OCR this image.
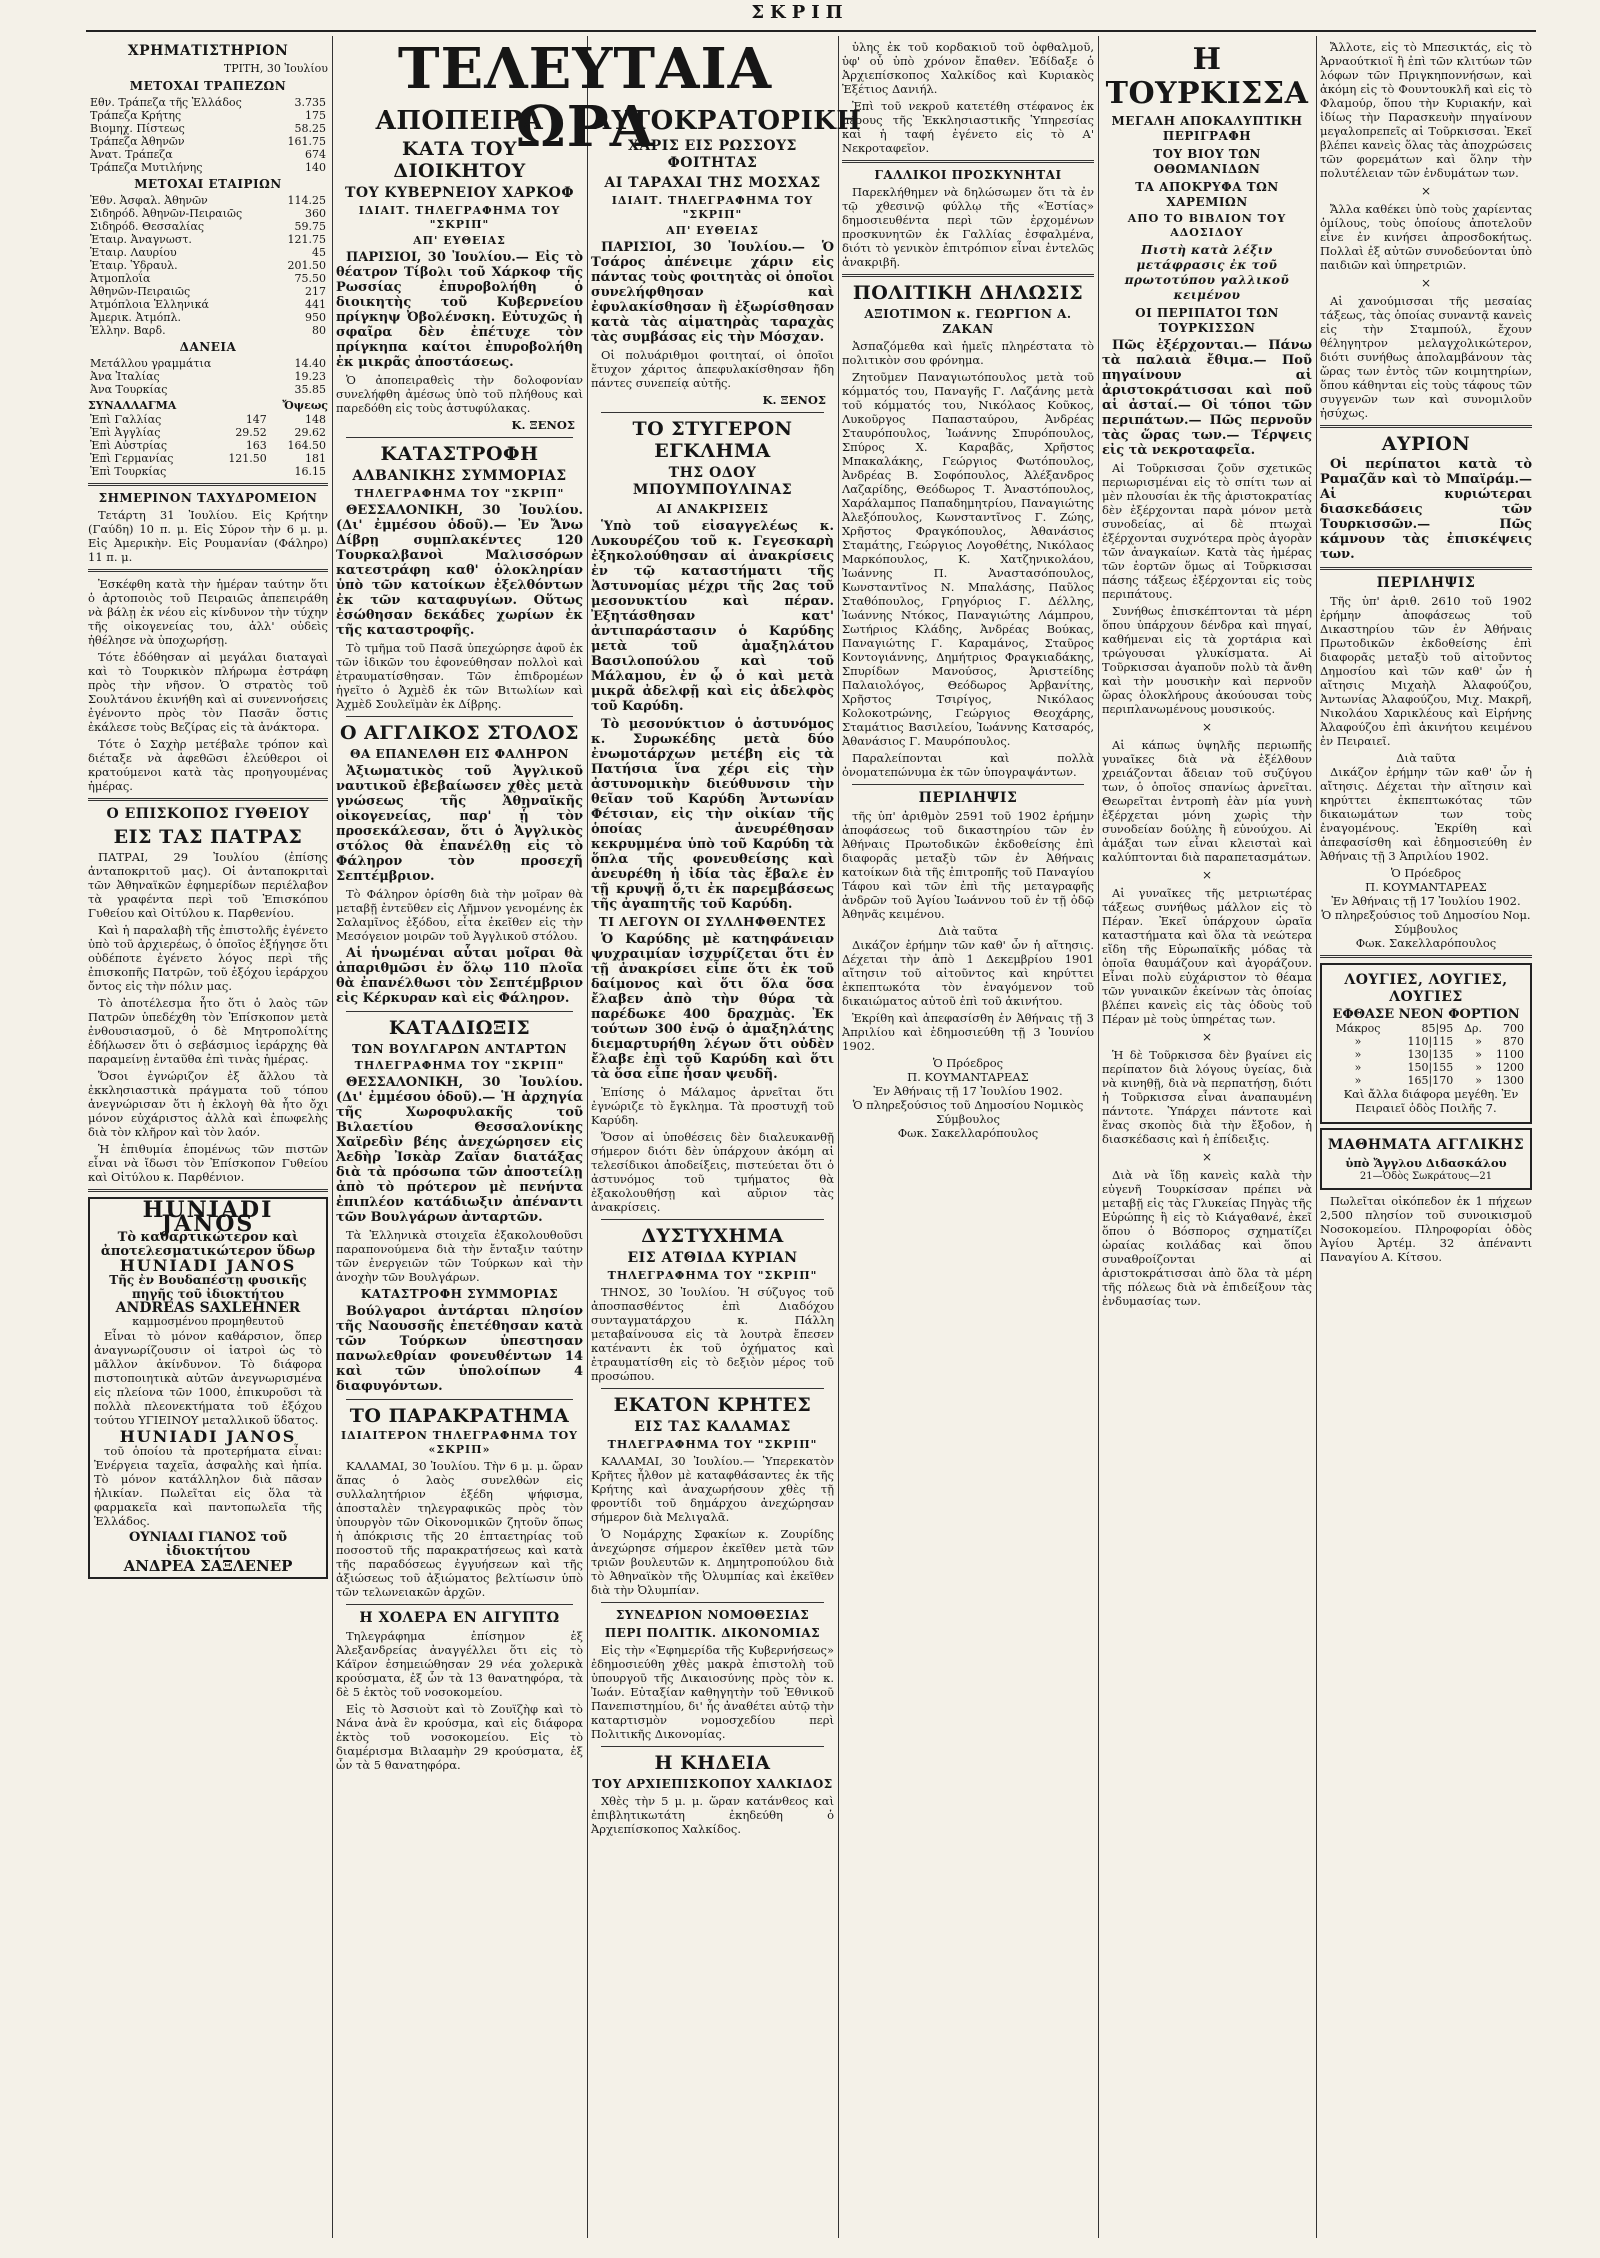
ΣΚΡΙΠ
ΧΡΗΜΑΤΙΣΤΗΡΙΟΝ
ΤΡΙΤΗ, 30 Ἰουλίου
ΜΕΤΟΧΑΙ ΤΡΑΠΕΖΩΝ
Εθν. Τράπεζα τῆς Ἑλλάδος	3.735
Τράπεζα Κρήτης	175
Βιομηχ. Πίστεως	58.25
Τράπεζα Ἀθηνῶν	161.75
Ἀνατ. Τράπεζα	674
Τράπεζα Μυτιλήνης	140
ΜΕΤΟΧΑΙ ΕΤΑΙΡΙΩΝ
Ἐθν. Ἀσφαλ. Ἀθηνῶν	114.25
Σιδηρόδ. Ἀθηνῶν-Πειραιῶς	360
Σιδηρόδ. Θεσσαλίας	59.75
Ἑταιρ. Ἀναγνωστ.	121.75
Ἑταιρ. Λαυρίου	45
Ἑταιρ. Ὑδραυλ.	201.50
Ἀτμοπλοΐα	75.50
Ἀθηνῶν-Πειραιῶς	217
Ἀτμόπλοια Ἑλληνικά	441
Ἀμερικ. Ἀτμόπλ.	950
Ἑλλην. Βαρδ.	80
ΔΑΝΕΙΑ
Μετάλλου γραμμάτια	14.40
Ἀνα Ἰταλίας	19.23
Ἀνα Τουρκίας	35.85
ΣΥΝΑΛΛΑΓΜΑ	Ὄψεως
Ἐπὶ Γαλλίας	147	148
Ἐπὶ Ἀγγλίας	29.52	29.62
Ἐπὶ Αὐστρίας	163	164.50
Ἐπὶ Γερμανίας	121.50	181
Ἐπὶ Τουρκίας		16.15
ΣΗΜΕΡΙΝΟΝ ΤΑΧΥΔΡΟΜΕΙΟΝ

Τετάρτη 31 Ἰουλίου. Εἰς Κρήτην (Γαύδη) 10 π. μ. Εἰς Σύρον τὴν 6 μ. μ. Εἰς Ἀμερικὴν. Εἰς Ρουμανίαν (Φάληρο) 11 π. μ.

Ἐσκέφθη κατὰ τὴν ἡμέραν ταύτην ὅτι ὁ ἀρτοποιὸς τοῦ Πειραιῶς ἀπεπειράθη νὰ βάλῃ ἐκ νέου εἰς κίνδυνον τὴν τύχην τῆς οἰκογενείας του, ἀλλ' οὐδεὶς ἠθέλησε νὰ ὑποχωρήσῃ.

Τότε ἐδόθησαν αἱ μεγάλαι διαταγαὶ καὶ τὸ Τουρκικὸν πλήρωμα ἐστράφη πρὸς τὴν νῆσον. Ὁ στρατὸς τοῦ Σουλτάνου ἐκινήθη καὶ αἱ συνεννοήσεις ἐγένοντο πρὸς τὸν Πασᾶν ὅστις ἐκάλεσε τοὺς Βεζίρας εἰς τὰ ἀνάκτορα.

Τότε ὁ Σαχὴρ μετέβαλε τρόπον καὶ διέταξε νὰ ἀφεθῶσι ἐλεύθεροι οἱ κρατούμενοι κατὰ τὰς προηγουμένας ἡμέρας.

Ο ΕΠΙΣΚΟΠΟΣ ΓΥΘΕΙΟΥ
ΕΙΣ ΤΑΣ ΠΑΤΡΑΣ

ΠΑΤΡΑΙ, 29 Ἰουλίου (ἐπίσης ἀνταποκριτοῦ μας). Οἱ ἀνταποκριταὶ τῶν Ἀθηναϊκῶν ἐφημερίδων περιέλαβον τὰ γραφέντα περὶ τοῦ Ἐπισκόπου Γυθείου καὶ Οἰτύλου κ. Παρθενίου.

Καὶ ἡ παραλαβὴ τῆς ἐπιστολῆς ἐγένετο ὑπὸ τοῦ ἀρχιερέως, ὁ ὁποῖος ἐξήγησε ὅτι οὐδέποτε ἐγένετο λόγος περὶ τῆς ἐπισκοπῆς Πατρῶν, τοῦ ἐξόχου ἱεράρχου ὄντος εἰς τὴν πόλιν μας.

Τὸ ἀποτέλεσμα ἦτο ὅτι ὁ λαὸς τῶν Πατρῶν ὑπεδέχθη τὸν Ἐπίσκοπον μετὰ ἐνθουσιασμοῦ, ὁ δὲ Μητροπολίτης ἐδήλωσεν ὅτι ὁ σεβάσμιος ἱεράρχης θὰ παραμείνῃ ἐνταῦθα ἐπὶ τινὰς ἡμέρας.

Ὅσοι ἐγνώριζον ἐξ ἄλλου τὰ ἐκκλησιαστικὰ πράγματα τοῦ τόπου ἀνεγνώρισαν ὅτι ἡ ἐκλογὴ θὰ ἦτο ὄχι μόνον εὐχάριστος ἀλλὰ καὶ ἐπωφελὴς διὰ τὸν κλῆρον καὶ τὸν λαόν.

Ἡ ἐπιθυμία ἑπομένως τῶν πιστῶν εἶναι νὰ ἴδωσι τὸν Ἐπίσκοπον Γυθείου καὶ Οἰτύλου κ. Παρθένιον.

HUNIADI JANOS
Τὸ καθαρτικώτερον καὶ ἀποτελεσματικώτερον ὕδωρ
HUNIADI JANOS
Τῆς ἐν Βουδαπέστῃ φυσικῆς πηγῆς τοῦ ἰδιοκτήτου
ANDREAS SAXLEHNER
καμμοσμένου προμηθευτοῦ

Εἶναι τὸ μόνον καθάρσιον, ὅπερ ἀναγνωρίζουσιν οἱ ἰατροὶ ὡς τὸ μᾶλλον ἀκίνδυνον. Τὸ διάφορα πιστοποιητικὰ αὐτῶν ἀνεγνωρισμένα εἰς πλείονα τῶν 1000, ἐπικυροῦσι τὰ πολλὰ πλεονεκτήματα τοῦ ἐξόχου τούτου ΥΓΙΕΙΝΟΥ μεταλλικοῦ ὕδατος.

HUNIADI JANOS

τοῦ ὁποίου τὰ προτερήματα εἶναι: Ἐνέργεια ταχεῖα, ἀσφαλὴς καὶ ἠπία. Τὸ μόνον κατάλληλον διὰ πᾶσαν ἡλικίαν. Πωλεῖται εἰς ὅλα τὰ φαρμακεῖα καὶ παντοπωλεῖα τῆς Ἑλλάδος.

ΟΥΝΙΑΔΙ ΓΙΑΝΟΣ τοῦ ἰδιοκτήτου
ΑΝΔΡΕΑ ΣΑΞΛΕΝΕΡ
ΤΕΛΕΥΤΑΙΑ ΩΡΑ
ΑΠΟΠΕΙΡΑ
ΚΑΤΑ ΤΟΥ ΔΙΟΙΚΗΤΟΥ
ΤΟΥ ΚΥΒΕΡΝΕΙΟΥ ΧΑΡΚΟΦ
ΙΔΙΑΙΤ. ΤΗΛΕΓΡΑΦΗΜΑ ΤΟΥ "ΣΚΡΙΠ"
ΑΠ' ΕΥΘΕΙΑΣ

ΠΑΡΙΣΙΟΙ, 30 Ἰουλίου.— Εἰς τὸ θέατρον Τίβολι τοῦ Χάρκοφ τῆς Ρωσσίας ἐπυροβολήθη ὁ διοικητὴς τοῦ Κυβερνείου πρίγκηψ Ὀβολένσκη. Εὐτυχῶς ἡ σφαῖρα δὲν ἐπέτυχε τὸν πρίγκηπα καίτοι ἐπυροβολήθη ἐκ μικρᾶς ἀποστάσεως.

Ὁ ἀποπειραθεὶς τὴν δολοφονίαν συνελήφθη ἀμέσως ὑπὸ τοῦ πλήθους καὶ παρεδόθη εἰς τοὺς ἀστυφύλακας.

Κ. ΞΕΝΟΣ
ΚΑΤΑΣΤΡΟΦΗ
ΑΛΒΑΝΙΚΗΣ ΣΥΜΜΟΡΙΑΣ
ΤΗΛΕΓΡΑΦΗΜΑ ΤΟΥ "ΣΚΡΙΠ"

ΘΕΣΣΑΛΟΝΙΚΗ, 30 Ἰουλίου. (Δι' ἐμμέσου ὁδοῦ).— Ἐν Ἄνω Δίβρῃ συμπλακέντες 120 Τουρκαλβανοὶ Μαλισσόρων κατεστράφη καθ' ὁλοκληρίαν ὑπὸ τῶν κατοίκων ἐξελθόντων ἐκ τῶν καταφυγίων. Οὕτως ἐσώθησαν δεκάδες χωρίων ἐκ τῆς καταστροφῆς.

Τὸ τμῆμα τοῦ Πασᾶ ὑπεχώρησε ἀφοῦ ἐκ τῶν ἰδικῶν του ἐφονεύθησαν πολλοὶ καὶ ἐτραυματίσθησαν. Τῶν ἐπιδρομέων ἡγεῖτο ὁ Ἀχμὲδ ἐκ τῶν Βιτωλίων καὶ Ἀχμὲδ Σουλεϊμὰν ἐκ Δίβρης.

Ο ΑΓΓΛΙΚΟΣ ΣΤΟΛΟΣ
ΘΑ ΕΠΑΝΕΛΘΗ ΕΙΣ ΦΑΛΗΡΟΝ

Ἀξιωματικὸς τοῦ Ἀγγλικοῦ ναυτικοῦ ἐβεβαίωσεν χθὲς μετὰ γνώσεως τῆς Ἀθηναϊκῆς οἰκογενείας, παρ' ᾗ τὸν προσεκάλεσαν, ὅτι ὁ Ἀγγλικὸς στόλος θὰ ἐπανέλθῃ εἰς τὸ Φάληρον τὸν προσεχῆ Σεπτέμβριον.

Τὸ Φάληρον ὁρίσθη διὰ τὴν μοῖραν θὰ μεταβῇ ἐντεῦθεν εἰς Λῆμνον γενομένης ἐκ Σαλαμῖνος ἐξόδου, εἶτα ἐκεῖθεν εἰς τὴν Μεσόγειον μοιρῶν τοῦ Ἀγγλικοῦ στόλου.

Αἱ ἡνωμέναι αὗται μοῖραι θὰ ἀπαριθμῶσι ἐν ὅλῳ 110 πλοῖα θὰ ἐπανέλθωσι τὸν Σεπτέμβριον εἰς Κέρκυραν καὶ εἰς Φάληρον.

ΚΑΤΑΔΙΩΞΙΣ
ΤΩΝ ΒΟΥΛΓΑΡΩΝ ΑΝΤΑΡΤΩΝ
ΤΗΛΕΓΡΑΦΗΜΑ ΤΟΥ "ΣΚΡΙΠ"

ΘΕΣΣΑΛΟΝΙΚΗ, 30 Ἰουλίου. (Δι' ἐμμέσου ὁδοῦ).— Ἡ ἀρχηγία τῆς Χωροφυλακῆς τοῦ Βιλαετίου Θεσσαλονίκης Χαϊρεδὶν βέης ἀνεχώρησεν εἰς Ἀεδὴρ Ἰσκὰρ Ζαΐαν διατάξας διὰ τὰ πρόσωπα τῶν ἀποστείλῃ ἀπὸ τὸ πρότερον μὲ πενήντα ἐπιπλέον κατάδιωξιν ἀπέναντι τῶν Βουλγάρων ἀνταρτῶν.

Τὰ Ἑλληνικὰ στοιχεῖα ἐξακολουθοῦσι παραπονούμενα διὰ τὴν ἔνταξιν ταύτην τῶν ἐνεργειῶν τῶν Τούρκων καὶ τὴν ἀνοχὴν τῶν Βουλγάρων.

ΚΑΤΑΣΤΡΟΦΗ ΣΥΜΜΟΡΙΑΣ

Βούλγαροι ἀντάρται πλησίον τῆς Ναουσσῆς ἐπετέθησαν κατὰ τῶν Τούρκων ὑπεστησαν πανωλεθρίαν φονευθέντων 14 καὶ τῶν ὑπολοίπων 4 διαφυγόντων.

ΤΟ ΠΑΡΑΚΡΑΤΗΜΑ
ΙΔΙΑΙΤΕΡΟΝ ΤΗΛΕΓΡΑΦΗΜΑ ΤΟΥ «ΣΚΡΙΠ»

ΚΑΛΑΜΑΙ, 30 Ἰουλίου. Τὴν 6 μ. μ. ὥραν ἅπας ὁ λαὸς συνελθὼν εἰς συλλαλητήριον ἐξέδη ψήφισμα, ἀποσταλὲν τηλεγραφικῶς πρὸς τὸν ὑπουργὸν τῶν Οἰκονομικῶν ζητοῦν ὅπως ἡ ἀπόκρισις τῆς 20 ἑπταετηρίας τοῦ ποσοστοῦ τῆς παρακρατήσεως καὶ κατὰ τῆς παραδόσεως ἐγγυήσεων καὶ τῆς ἀξιώσεως τοῦ ἀξιώματος βελτίωσιν ὑπὸ τῶν τελωνειακῶν ἀρχῶν.

Η ΧΟΛΕΡΑ ΕΝ ΑΙΓΥΠΤΩ

Τηλεγράφημα ἐπίσημον ἐξ Ἀλεξανδρείας ἀναγγέλλει ὅτι εἰς τὸ Κάϊρον ἐσημειώθησαν 29 νέα χολερικὰ κρούσματα, ἐξ ὧν τὰ 13 θανατηφόρα, τὰ δὲ 5 ἐκτὸς τοῦ νοσοκομείου.

Εἰς τὸ Ἀσσιοὺτ καὶ τὸ Ζουϊζὴφ καὶ τὸ Νάνα ἀνὰ ἓν κρούσμα, καὶ εἰς διάφορα ἐκτὸς τοῦ νοσοκομείου. Εἰς τὸ διαμέρισμα Βιλααμὴν 29 κρούσματα, ἐξ ὧν τὰ 5 θανατηφόρα.

ΑΥΤΟΚΡΑΤΟΡΙΚΗ
ΧΑΡΙΣ ΕΙΣ ΡΩΣΣΟΥΣ ΦΟΙΤΗΤΑΣ
ΑΙ ΤΑΡΑΧΑΙ ΤΗΣ ΜΟΣΧΑΣ
ΙΔΙΑΙΤ. ΤΗΛΕΓΡΑΦΗΜΑ ΤΟΥ "ΣΚΡΙΠ"
ΑΠ' ΕΥΘΕΙΑΣ

ΠΑΡΙΣΙΟΙ, 30 Ἰουλίου.— Ὁ Τσάρος ἀπένειμε χάριν εἰς πάντας τοὺς φοιτητὰς οἱ ὁποῖοι συνελήφθησαν καὶ ἐφυλακίσθησαν ἢ ἐξωρίσθησαν κατὰ τὰς αἱματηρὰς ταραχὰς τὰς συμβάσας εἰς τὴν Μόσχαν.

Οἱ πολυάριθμοι φοιτηταί, οἱ ὁποῖοι ἔτυχον χάριτος ἀπεφυλακίσθησαν ἤδη πάντες συνεπείᾳ αὐτῆς.

Κ. ΞΕΝΟΣ
ΤΟ ΣΤΥΓΕΡΟΝ ΕΓΚΛΗΜΑ
ΤΗΣ ΟΔΟΥ ΜΠΟΥΜΠΟΥΛΙΝΑΣ
ΑΙ ΑΝΑΚΡΙΣΕΙΣ

Ὑπὸ τοῦ εἰσαγγελέως κ. Λυκουρέζου τοῦ κ. Γεγεσκαρὴ ἐξηκολούθησαν αἱ ἀνακρίσεις ἐν τῷ καταστήματι τῆς Ἀστυνομίας μέχρι τῆς 2ας τοῦ μεσονυκτίου καὶ πέραν. Ἐξητάσθησαν κατ' ἀντιπαράστασιν ὁ Καρύδης μετὰ τοῦ ἀμαξηλάτου Βασιλοπούλου καὶ τοῦ Μάλαμου, ἐν ᾧ ὁ καὶ μετὰ μικρᾶ ἀδελφῇ καὶ εἰς ἀδελφὸς τοῦ Καρύδη.

Τὸ μεσονύκτιον ὁ ἀστυνόμος κ. Συρωκέδης μετὰ δύο ἐνωμοτάρχων μετέβη εἰς τὰ Πατήσια ἵνα χέρι εἰς τὴν ἀστυνομικὴν διεύθυνσιν τὴν θεῖαν τοῦ Καρύδη Ἀντωνίαν Φέτσιαν, εἰς τὴν οἰκίαν τῆς ὁποίας ἀνευρέθησαν κεκρυμμένα ὑπὸ τοῦ Καρύδη τὰ ὅπλα τῆς φονευθείσης καὶ ἀνευρέθη ἡ ἰδία τὰς ἔβαλε ἐν τῇ κρυψῇ ὅ,τι ἐκ παρεμβάσεως τῆς ἀγαπητῆς τοῦ Καρύδη.

ΤΙ ΛΕΓΟΥΝ ΟΙ ΣΥΛΛΗΦΘΕΝΤΕΣ

Ὁ Καρύδης μὲ κατηφάνειαν ψυχραιμίαν ἰσχυρίζεται ὅτι ἐν τῇ ἀνακρίσει εἶπε ὅτι ἐκ τοῦ δαίμονος καὶ ὅτι ὅλα ὅσα ἔλαβεν ἀπὸ τὴν θύρα τὰ παρέδωκε 400 δραχμὰς. Ἐκ τούτων 300 ἐνῷ ὁ ἀμαξηλάτης διεμαρτυρήθη λέγων ὅτι οὐδὲν ἔλαβε ἐπὶ τοῦ Καρύδη καὶ ὅτι τὰ ὅσα εἶπε ἦσαν ψευδῆ.

Ἐπίσης ὁ Μάλαμος ἀρνεῖται ὅτι ἐγνώριζε τὸ ἔγκλημα. Τὰ προστυχῆ τοῦ Καρύδη.

Ὅσον αἱ ὑποθέσεις δὲν διαλευκανθῇ σήμερον διότι δὲν ὑπάρχουν ἀκόμη αἱ τελεσίδικοι ἀποδείξεις, πιστεύεται ὅτι ὁ ἀστυνόμος τοῦ τμήματος θὰ ἐξακολουθήσῃ καὶ αὔριον τὰς ἀνακρίσεις.

ΔΥΣΤΥΧΗΜΑ
ΕΙΣ ΑΤΘΙΔΑ ΚΥΡΙΑΝ
ΤΗΛΕΓΡΑΦΗΜΑ ΤΟΥ "ΣΚΡΙΠ"

ΤΗΝΟΣ, 30 Ἰουλίου. Ἡ σύζυγος τοῦ ἀποσπασθέντος ἐπὶ Διαδόχου συνταγματάρχου κ. Πάλλη μεταβαίνουσα εἰς τὰ λουτρὰ ἔπεσεν κατέναντι ἐκ τοῦ ὀχήματος καὶ ἐτραυματίσθη εἰς τὸ δεξιὸν μέρος τοῦ προσώπου.

ΕΚΑΤΟΝ ΚΡΗΤΕΣ
ΕΙΣ ΤΑΣ ΚΑΛΑΜΑΣ
ΤΗΛΕΓΡΑΦΗΜΑ ΤΟΥ "ΣΚΡΙΠ"

ΚΑΛΑΜΑΙ, 30 Ἰουλίου.— Ὑπερεκατὸν Κρῆτες ἦλθον μὲ καταφθάσαντες ἐκ τῆς Κρήτης καὶ ἀναχωρήσουν χθὲς τῇ φροντίδι τοῦ δημάρχου ἀνεχώρησαν σήμερον διὰ Μελιγαλᾶ.

Ὁ Νομάρχης Σφακίων κ. Ζουρίδης ἀνεχώρησε σήμερον ἐκεῖθεν μετὰ τῶν τριῶν βουλευτῶν κ. Δημητροπούλου διὰ τὸ Ἀθηναϊκὸν τῆς Ὀλυμπίας καὶ ἐκεῖθεν διὰ τὴν Ὀλυμπίαν.

ΣΥΝΕΔΡΙΟΝ ΝΟΜΟΘΕΣΙΑΣ
ΠΕΡΙ ΠΟΛΙΤΙΚ. ΔΙΚΟΝΟΜΙΑΣ

Εἰς τὴν «Ἐφημερίδα τῆς Κυβερνήσεως» ἐδημοσιεύθη χθὲς μακρὰ ἐπιστολὴ τοῦ ὑπουργοῦ τῆς Δικαιοσύνης πρὸς τὸν κ. Ἰωάν. Εὐταξίαν καθηγητὴν τοῦ Ἐθνικοῦ Πανεπιστημίου, δι' ἧς ἀναθέτει αὐτῷ τὴν καταρτισμὸν νομοσχεδίου περὶ Πολιτικῆς Δικονομίας.

Η ΚΗΔΕΙΑ
ΤΟΥ ΑΡΧΙΕΠΙΣΚΟΠΟΥ ΧΑΛΚΙΔΟΣ

Χθὲς τὴν 5 μ. μ. ὥραν κατάνθεος καὶ ἐπιβλητικωτάτη ἐκηδεύθη ὁ Ἀρχιεπίσκοπος Χαλκίδος.

ὑλης ἐκ τοῦ κορδακιοῦ τοῦ ὀφθαλμοῦ, ὑφ' οὗ ὑπὸ χρόνον ἔπαθεν. Ἐδίδαξε ὁ Ἀρχιεπίσκοπος Χαλκίδος καὶ Κυριακὸς Ἐξέτιος Δανιήλ.

Ἐπὶ τοῦ νεκροῦ κατετέθη στέφανος ἐκ μέρους τῆς Ἐκκλησιαστικῆς Ὑπηρεσίας καὶ ἡ ταφή ἐγένετο εἰς τὸ Α' Νεκροταφεῖον.

ΓΑΛΛΙΚΟΙ ΠΡΟΣΚΥΝΗΤΑΙ

Παρεκλήθημεν νὰ δηλώσωμεν ὅτι τὰ ἐν τῷ χθεσινῷ φύλλῳ τῆς «Ἑστίας» δημοσιευθέντα περὶ τῶν ἐρχομένων προσκυνητῶν ἐκ Γαλλίας ἐσφαλμένα, διότι τὸ γενικὸν ἐπιτρόπιον εἶναι ἐντελῶς ἀνακριβῆ.

ΠΟΛΙΤΙΚΗ ΔΗΛΩΣΙΣ
ΑΞΙΟΤΙΜΟΝ κ. ΓΕΩΡΓΙΟΝ Α. ΖΑΚΑΝ

Ἀσπαζόμεθα καὶ ἡμεῖς πληρέστατα τὸ πολιτικὸν σου φρόνημα.

Ζητοῦμεν Παναγιωτόπουλος μετὰ τοῦ κόμματός του, Παναγῆς Γ. Λαζάνης μετὰ τοῦ κόμματός του, Νικόλαος Κοῦκος, Λυκοῦργος Παπασταύρου, Ἀνδρέας Σταυρόπουλος, Ἰωάννης Σπυρόπουλος, Σπύρος Χ. Καραβᾶς, Χρῆστος Μπακαλάκης, Γεώργιος Φωτόπουλος, Ἀνδρέας Β. Σοφόπουλος, Ἀλέξανδρος Λαζαρίδης, Θεόδωρος Τ. Ἀναστόπουλος, Χαράλαμπος Παπαδημητρίου, Παναγιώτης Ἀλεξόπουλος, Κωνσταντῖνος Γ. Ζώης, Χρῆστος Φραγκόπουλος, Ἀθανάσιος Σταμάτης, Γεώργιος Λογοθέτης, Νικόλαος Μαρκόπουλος, Κ. Χατζηνικολάου, Ἰωάννης Π. Ἀναστασόπουλος, Κωνσταντῖνος Ν. Μπαλάσης, Παῦλος Σταθόπουλος, Γρηγόριος Γ. Δέλλης, Ἰωάννης Ντόκος, Παναγιώτης Λάμπρου, Σωτήριος Κλάδης, Ἀνδρέας Βούκας, Παναγιώτης Γ. Καραμάνος, Σταῦρος Κοντογιάννης, Δημήτριος Φραγκιαδάκης, Σπυρίδων Μανούσος, Ἀριστείδης Παλαιολόγος, Θεόδωρος Ἀρβανίτης, Χρῆστος Τσιρίγος, Νικόλαος Κολοκοτρώνης, Γεώργιος Θεοχάρης, Σταμάτιος Βασιλείου, Ἰωάννης Κατσαρός, Ἀθανάσιος Γ. Μαυρόπουλος.

Παραλείπονται καὶ πολλὰ ὀνοματεπώνυμα ἐκ τῶν ὑπογραψάντων.

ΠΕΡΙΛΗΨΙΣ

τῆς ὑπ' ἀριθμὸν 2591 τοῦ 1902 ἐρήμην ἀποφάσεως τοῦ δικαστηρίου τῶν ἐν Ἀθήναις Πρωτοδικῶν ἐκδοθείσης ἐπὶ διαφορᾶς μεταξὺ τῶν ἐν Ἀθήναις κατοίκων διὰ τῆς ἐπιτροπῆς τοῦ Παναγίου Τάφου καὶ τῶν ἐπὶ τῆς μεταγραφῆς ἀνδρῶν τοῦ Ἀγίου Ἰωάννου τοῦ ἐν τῇ ὁδῷ Ἀθηνᾶς κειμένου.

Διὰ ταῦτα

Δικάζον ἐρήμην τῶν καθ' ὧν ἡ αἴτησις. Δέχεται τὴν ἀπὸ 1 Δεκεμβρίου 1901 αἴτησιν τοῦ αἰτοῦντος καὶ κηρύττει ἐκπεπτωκότα τὸν ἐναγόμενον τοῦ δικαιώματος αὐτοῦ ἐπὶ τοῦ ἀκινήτου.

Ἐκρίθη καὶ ἀπεφασίσθη ἐν Ἀθήναις τῇ 3 Ἀπριλίου καὶ ἐδημοσιεύθη τῇ 3 Ἰουνίου 1902.

Ὁ Πρόεδρος
Π. ΚΟΥΜΑΝΤΑΡΕΑΣ
Ἐν Ἀθήναις τῇ 17 Ἰουλίου 1902.
Ὁ πληρεξούσιος τοῦ Δημοσίου Νομικὸς Σύμβουλος
Φωκ. Σακελλαρόπουλος
Η ΤΟΥΡΚΙΣΣΑ
ΜΕΓΑΛΗ ΑΠΟΚΑΛΥΠΤΙΚΗ ΠΕΡΙΓΡΑΦΗ
ΤΟΥ ΒΙΟΥ ΤΩΝ ΟΘΩΜΑΝΙΔΩΝ
ΤΑ ΑΠΟΚΡΥΦΑ ΤΩΝ ΧΑΡΕΜΙΩΝ
ΑΠΟ ΤΟ ΒΙΒΛΙΟΝ ΤΟΥ ΑΔΟΣΙΔΟΥ
Πιστὴ κατὰ λέξιν μετάφρασις ἐκ τοῦ πρωτοτύπου γαλλικοῦ κειμένου
ΟΙ ΠΕΡΙΠΑΤΟΙ ΤΩΝ ΤΟΥΡΚΙΣΣΩΝ

Πῶς ἐξέρχονται.— Πάνω τὰ παλαιὰ ἔθιμα.— Ποῦ πηγαίνουν αἱ ἀριστοκράτισσαι καὶ ποῦ αἱ ἀσταί.— Οἱ τόποι τῶν περιπάτων.— Πῶς περνοῦν τὰς ὥρας των.— Τέρψεις εἰς τὰ νεκροταφεῖα.

Αἱ Τοῦρκισσαι ζοῦν σχετικῶς περιωρισμέναι εἰς τὸ σπίτι των αἱ μὲν πλουσίαι ἐκ τῆς ἀριστοκρατίας δὲν ἐξέρχονται παρὰ μόνον μετὰ συνοδείας, αἱ δὲ πτωχαὶ ἐξέρχονται συχνότερα πρὸς ἀγορὰν τῶν ἀναγκαίων. Κατὰ τὰς ἡμέρας τῶν ἑορτῶν ὅμως αἱ Τοῦρκισσαι πάσης τάξεως ἐξέρχονται εἰς τοὺς περιπάτους.

Συνήθως ἐπισκέπτονται τὰ μέρη ὅπου ὑπάρχουν δένδρα καὶ πηγαί, καθήμεναι εἰς τὰ χορτάρια καὶ τρώγουσαι γλυκίσματα. Αἱ Τοῦρκισσαι ἀγαποῦν πολὺ τὰ ἄνθη καὶ τὴν μουσικὴν καὶ περνοῦν ὥρας ὁλοκλήρους ἀκούουσαι τοὺς περιπλανωμένους μουσικούς.

×

Αἱ κάπως ὑψηλῆς περιωπῆς γυναῖκες διὰ νὰ ἐξέλθουν χρειάζονται ἄδειαν τοῦ συζύγου των, ὁ ὁποῖος σπανίως ἀρνεῖται. Θεωρεῖται ἐντροπὴ ἐὰν μία γυνὴ ἐξέρχεται μόνη χωρὶς τὴν συνοδείαν δούλης ἢ εὐνούχου. Αἱ ἀμάξαι των εἶναι κλεισταὶ καὶ καλύπτονται διὰ παραπετασμάτων.

×

Αἱ γυναῖκες τῆς μετριωτέρας τάξεως συνήθως μάλλον εἰς τὸ Πέραν. Ἐκεῖ ὑπάρχουν ὡραῖα καταστήματα καὶ ὅλα τὰ νεώτερα εἴδη τῆς Εὐρωπαϊκῆς μόδας τὰ ὁποῖα θαυμάζουν καὶ ἀγοράζουν. Εἶναι πολὺ εὐχάριστον τὸ θέαμα τῶν γυναικῶν ἐκείνων τὰς ὁποίας βλέπει κανεὶς εἰς τὰς ὁδοὺς τοῦ Πέραν μὲ τοὺς ὑπηρέτας των.

×

Ἡ δὲ Τοῦρκισσα δὲν βγαίνει εἰς περίπατον διὰ λόγους ὑγείας, διὰ νὰ κινηθῇ, διὰ νὰ περπατήσῃ, διότι ἡ Τοῦρκισσα εἶναι ἀναπαυμένη πάντοτε. Ὑπάρχει πάντοτε καὶ ἕνας σκοπὸς διὰ τὴν ἔξοδον, ἡ διασκέδασις καὶ ἡ ἐπίδειξις.

×

Διὰ νὰ ἴδῃ κανεὶς καλὰ τὴν εὐγενῆ Τουρκίσσαν πρέπει νὰ μεταβῇ εἰς τὰς Γλυκείας Πηγὰς τῆς Εὐρώπης ἢ εἰς τὸ Κιάγαθανέ, ἐκεῖ ὅπου ὁ Βόσπορος σχηματίζει ὡραίας κοιλάδας καὶ ὅπου συναθροίζονται αἱ ἀριστοκράτισσαι ἀπὸ ὅλα τὰ μέρη τῆς πόλεως διὰ νὰ ἐπιδείξουν τὰς ἐνδυμασίας των.

Ἄλλοτε, εἰς τὸ Μπεσικτάς, εἰς τὸ Ἀρναούτκιοϊ ἢ ἐπὶ τῶν κλιτύων τῶν λόφων τῶν Πριγκηποννήσων, καὶ ἀκόμη εἰς τὸ Φουντουκλῆ καὶ εἰς τὸ Φλαμούρ, ὅπου τὴν Κυριακήν, καὶ ἰδίως τὴν Παρασκευὴν πηγαίνουν μεγαλοπρεπεῖς αἱ Τοῦρκισσαι. Ἐκεῖ βλέπει κανεὶς ὅλας τὰς ἀποχρώσεις τῶν φορεμάτων καὶ ὅλην τὴν πολυτέλειαν τῶν ἐνδυμάτων των.

×

Ἄλλα καθέκει ὑπὸ τοὺς χαρίεντας ὁμίλους, τοὺς ὁποίους ἀποτελοῦν εἶνε ἐν κινήσει ἀπροσδοκήτως. Πολλαὶ ἐξ αὐτῶν συνοδεύονται ὑπὸ παιδιῶν καὶ ὑπηρετριῶν.

×

Αἱ χανούμισσαι τῆς μεσαίας τάξεως, τὰς ὁποίας συναντᾷ κανεὶς εἰς τὴν Σταμπούλ, ἔχουν θέληγητρον μελαγχολικώτερον, διότι συνήθως ἀπολαμβάνουν τὰς ὥρας των ἐντὸς τῶν κοιμητηρίων, ὅπου κάθηνται εἰς τοὺς τάφους τῶν συγγενῶν των καὶ συνομιλοῦν ἡσύχως.

ΑΥΡΙΟΝ

Οἱ περίπατοι κατὰ τὸ Ραμαζᾶν καὶ τὸ Μπαϊράμ.— Αἱ κυριώτεραι διασκεδάσεις τῶν Τουρκισσῶν.— Πῶς κάμνουν τὰς ἐπισκέψεις των.

ΠΕΡΙΛΗΨΙΣ

Τῆς ὑπ' ἀριθ. 2610 τοῦ 1902 ἐρήμην ἀποφάσεως τοῦ Δικαστηρίου τῶν ἐν Ἀθήναις Πρωτοδικῶν ἐκδοθείσης ἐπὶ διαφορᾶς μεταξὺ τοῦ αἰτοῦντος Δημοσίου καὶ τῶν καθ' ὧν ἡ αἴτησις Μιχαὴλ Ἀλαφούζου, Ἀντωνίας Ἀλαφούζου, Μιχ. Μακρῆ, Νικολάου Χαρικλέους καὶ Εἰρήνης Ἀλαφούζου ἐπὶ ἀκινήτου κειμένου ἐν Πειραιεῖ.

Διὰ ταῦτα

Δικάζον ἐρήμην τῶν καθ' ὧν ἡ αἴτησις. Δέχεται τὴν αἴτησιν καὶ κηρύττει ἐκπεπτωκότας τῶν δικαιωμάτων των τοὺς ἐναγομένους. Ἐκρίθη καὶ ἀπεφασίσθη καὶ ἐδημοσιεύθη ἐν Ἀθήναις τῇ 3 Ἀπριλίου 1902.

Ὁ Πρόεδρος
Π. ΚΟΥΜΑΝΤΑΡΕΑΣ
Ἐν Ἀθήναις τῇ 17 Ἰουλίου 1902.
Ὁ πληρεξούσιος τοῦ Δημοσίου Νομ. Σύμβουλος
Φωκ. Σακελλαρόπουλος
ΛΟΥΓΙΕΣ, ΛΟΥΓΙΕΣ, ΛΟΥΓΙΕΣ
ΕΦΘΑΣΕ ΝΕΟΝ ΦΟΡΤΙΟΝ
Μάκρος	85|95	Δρ.	700
»	110|115	»	870
»	130|135	»	1100
»	150|155	»	1200
»	165|170	»	1300

Καὶ ἄλλα διάφορα μεγέθη. Ἐν Πειραιεῖ ὁδὸς Ποιλῆς 7.

ΜΑΘΗΜΑΤΑ ΑΓΓΛΙΚΗΣ
ὑπὸ Ἄγγλου Διδασκάλου
21—Ὁδὸς Σωκράτους—21

Πωλεῖται οἰκόπεδον ἐκ 1 πήχεων 2,500 πλησίον τοῦ συνοικισμοῦ Νοσοκομείου. Πληροφορίαι ὁδὸς Ἀγίου Ἀρτέμ. 32 ἀπέναντι Παναγίου Α. Κίτσου.
